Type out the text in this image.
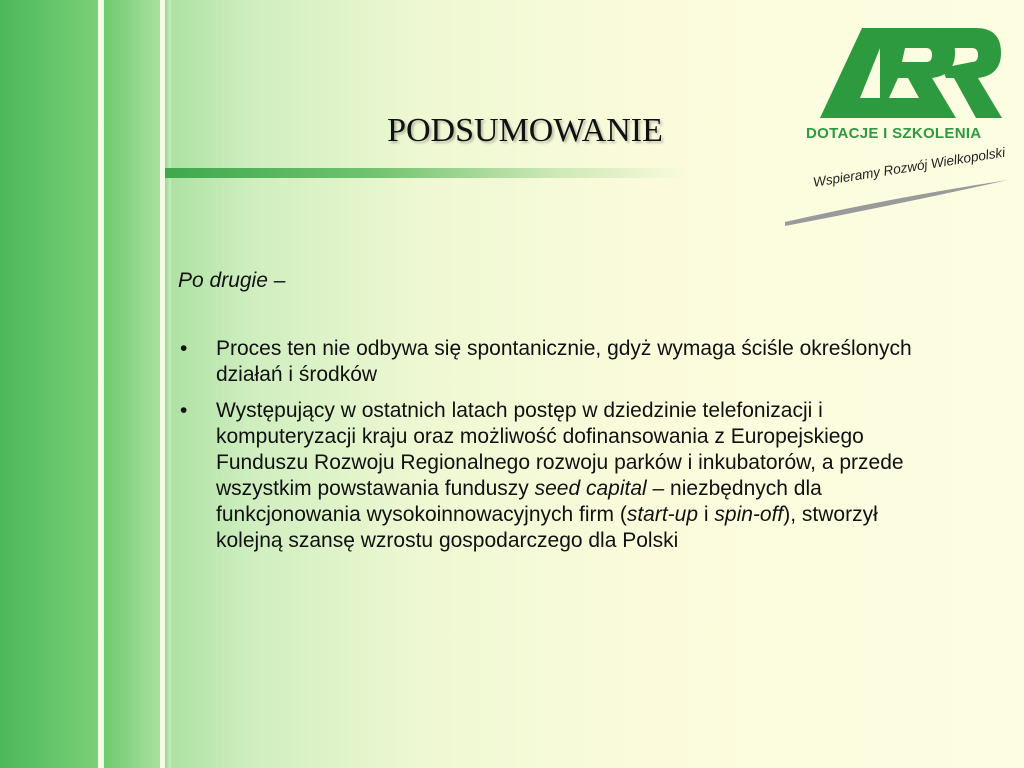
PODSUMOWANIE	DOTACJE I SZKOLENIA
Wspieramy Rozwój Wielkopolski

Po drugie –

• Proces ten nie odbywa się spontanicznie, gdyż wymaga ściśle określonych działań i środków
• Występujący w ostatnich latach postęp w dziedzinie telefonizacji i komputeryzacji kraju oraz możliwość dofinansowania z Europejskiego Funduszu Rozwoju Regionalnego rozwoju parków i inkubatorów, a przede wszystkim powstawania funduszy seed capital – niezbędnych dla funkcjonowania wysokoinnowacyjnych firm (start-up i spin-off), stworzył kolejną szansę wzrostu gospodarczego dla Polski
